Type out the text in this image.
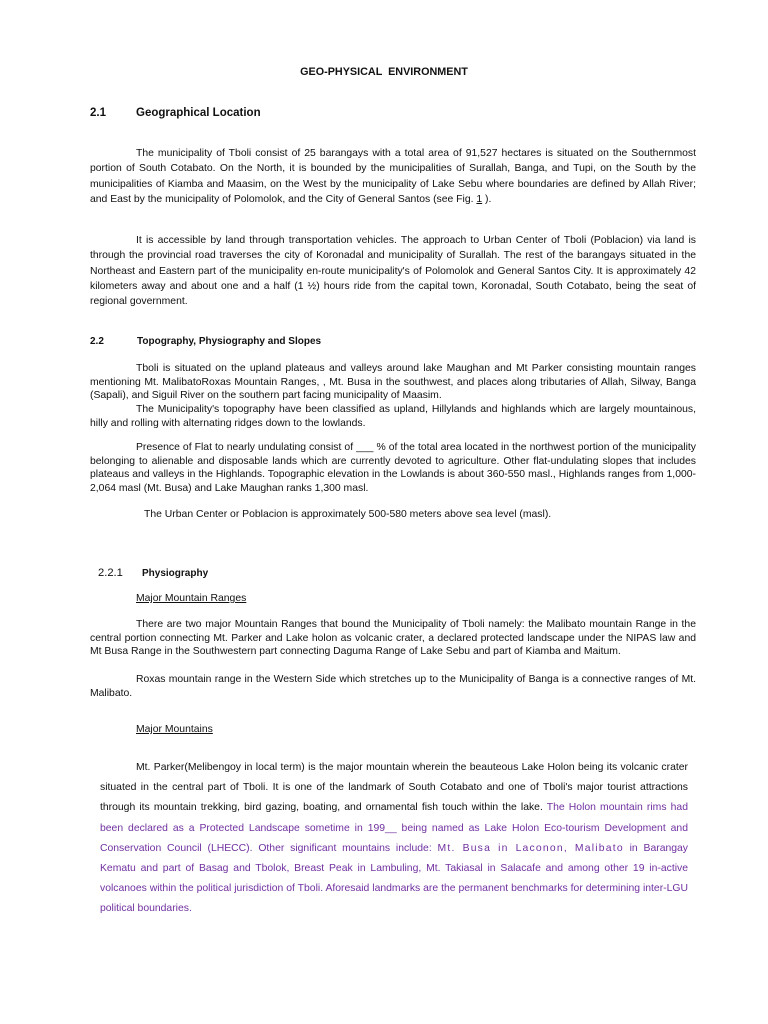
GEO-PHYSICAL ENVIRONMENT
2.1	Geographical Location

The municipality of Tboli consist of 25 barangays with a total area of 91,527 hectares is situated on the Southernmost portion of South Cotabato. On the North, it is bounded by the municipalities of Surallah, Banga, and Tupi, on the South by the municipalities of Kiamba and Maasim, on the West by the municipality of Lake Sebu where boundaries are defined by Allah River; and East by the municipality of Polomolok, and the City of General Santos (see Fig. 1 ).

It is accessible by land through transportation vehicles. The approach to Urban Center of Tboli (Poblacion) via land is through the provincial road traverses the city of Koronadal and municipality of Surallah. The rest of the barangays situated in the Northeast and Eastern part of the municipality en-route municipality's of Polomolok and General Santos City. It is approximately 42 kilometers away and about one and a half (1 ½) hours ride from the capital town, Koronadal, South Cotabato, being the seat of regional government.

2.2	Topography, Physiography and Slopes

Tboli is situated on the upland plateaus and valleys around lake Maughan and Mt Parker consisting mountain ranges mentioning Mt. MalibatoRoxas Mountain Ranges, , Mt. Busa in the southwest, and places along tributaries of Allah, Silway, Banga (Sapali), and Siguil River on the southern part facing municipality of Maasim.

The Municipality's topography have been classified as upland, Hillylands and highlands which are largely mountainous, hilly and rolling with alternating ridges down to the lowlands.

Presence of Flat to nearly undulating consist of ___ % of the total area located in the northwest portion of the municipality belonging to alienable and disposable lands which are currently devoted to agriculture. Other flat-undulating slopes that includes plateaus and valleys in the Highlands. Topographic elevation in the Lowlands is about 360-550 masl., Highlands ranges from 1,000-2,064 masl (Mt. Busa) and Lake Maughan ranks 1,300 masl.

The Urban Center or Poblacion is approximately 500-580 meters above sea level (masl).

2.2.1 Physiography
Major Mountain Ranges

There are two major Mountain Ranges that bound the Municipality of Tboli namely: the Malibato mountain Range in the central portion connecting Mt. Parker and Lake holon as volcanic crater, a declared protected landscape under the NIPAS law and Mt Busa Range in the Southwestern part connecting Daguma Range of Lake Sebu and part of Kiamba and Maitum.

Roxas mountain range in the Western Side which stretches up to the Municipality of Banga is a connective ranges of Mt. Malibato.

Major Mountains

Mt. Parker(Melibengoy in local term) is the major mountain wherein the beauteous Lake Holon being its volcanic crater situated in the central part of Tboli. It is one of the landmark of South Cotabato and one of Tboli's major tourist attractions through its mountain trekking, bird gazing, boating, and ornamental fish touch within the lake. The Holon mountain rims had been declared as a Protected Landscape sometime in 199__ being named as Lake Holon Eco-tourism Development and Conservation Council (LHECC). Other significant mountains include: Mt. Busa in Laconon, Malibato in Barangay Kematu and part of Basag and Tbolok, Breast Peak in Lambuling, Mt. Takiasal in Salacafe and among other 19 in-active volcanoes within the political jurisdiction of Tboli. Aforesaid landmarks are the permanent benchmarks for determining inter-LGU political boundaries.
